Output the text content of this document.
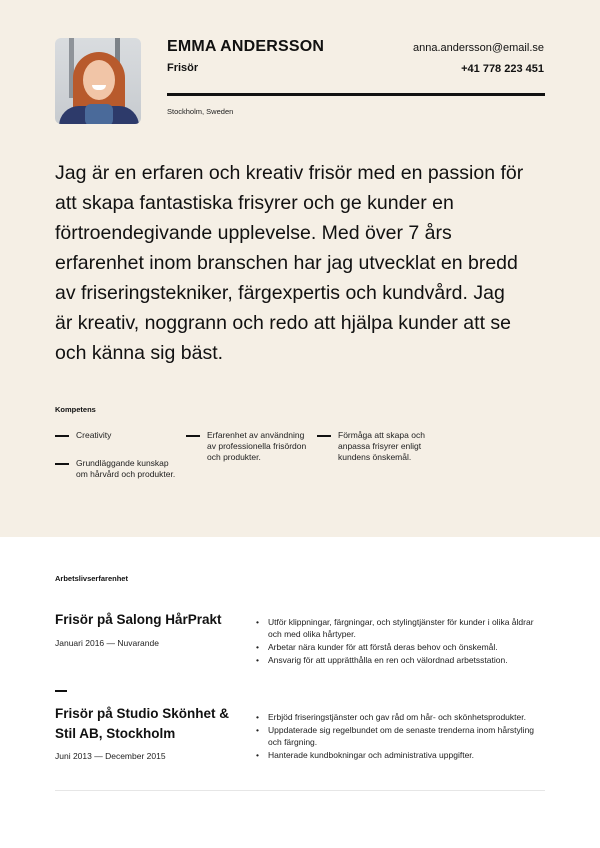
EMMA ANDERSSON
Frisör
anna.andersson@email.se
+41 778 223 451
Stockholm, Sweden

Jag är en erfaren och kreativ frisör med en passion för att skapa fantastiska frisyrer och ge kunder en förtroendegivande upplevelse. Med över 7 års erfarenhet inom branschen har jag utvecklat en bredd av friseringstekniker, färgexpertis och kundvård. Jag är kreativ, noggrann och redo att hjälpa kunder att se och känna sig bäst.

Kompetens
Creativity
Grundläggande kunskap om hårvård och produkter.
Erfarenhet av användning av professionella frisördon och produkter.
Förmåga att skapa och anpassa frisyrer enligt kundens önskemål.
Arbetslivserfarenhet
Frisör på Salong HårPrakt
Januari 2016 — Nuvarande
• Utför klippningar, färgningar, och stylingtjänster för kunder i olika åldrar och med olika hårtyper.
• Arbetar nära kunder för att förstå deras behov och önskemål.
• Ansvarig för att upprätthålla en ren och välordnad arbetsstation.
Frisör på Studio Skönhet & Stil AB, Stockholm
Juni 2013 — December 2015
• Erbjöd friseringstjänster och gav råd om hår- och skönhetsprodukter.
• Uppdaterade sig regelbundet om de senaste trenderna inom hårstyling och färgning.
• Hanterade kundbokningar och administrativa uppgifter.
